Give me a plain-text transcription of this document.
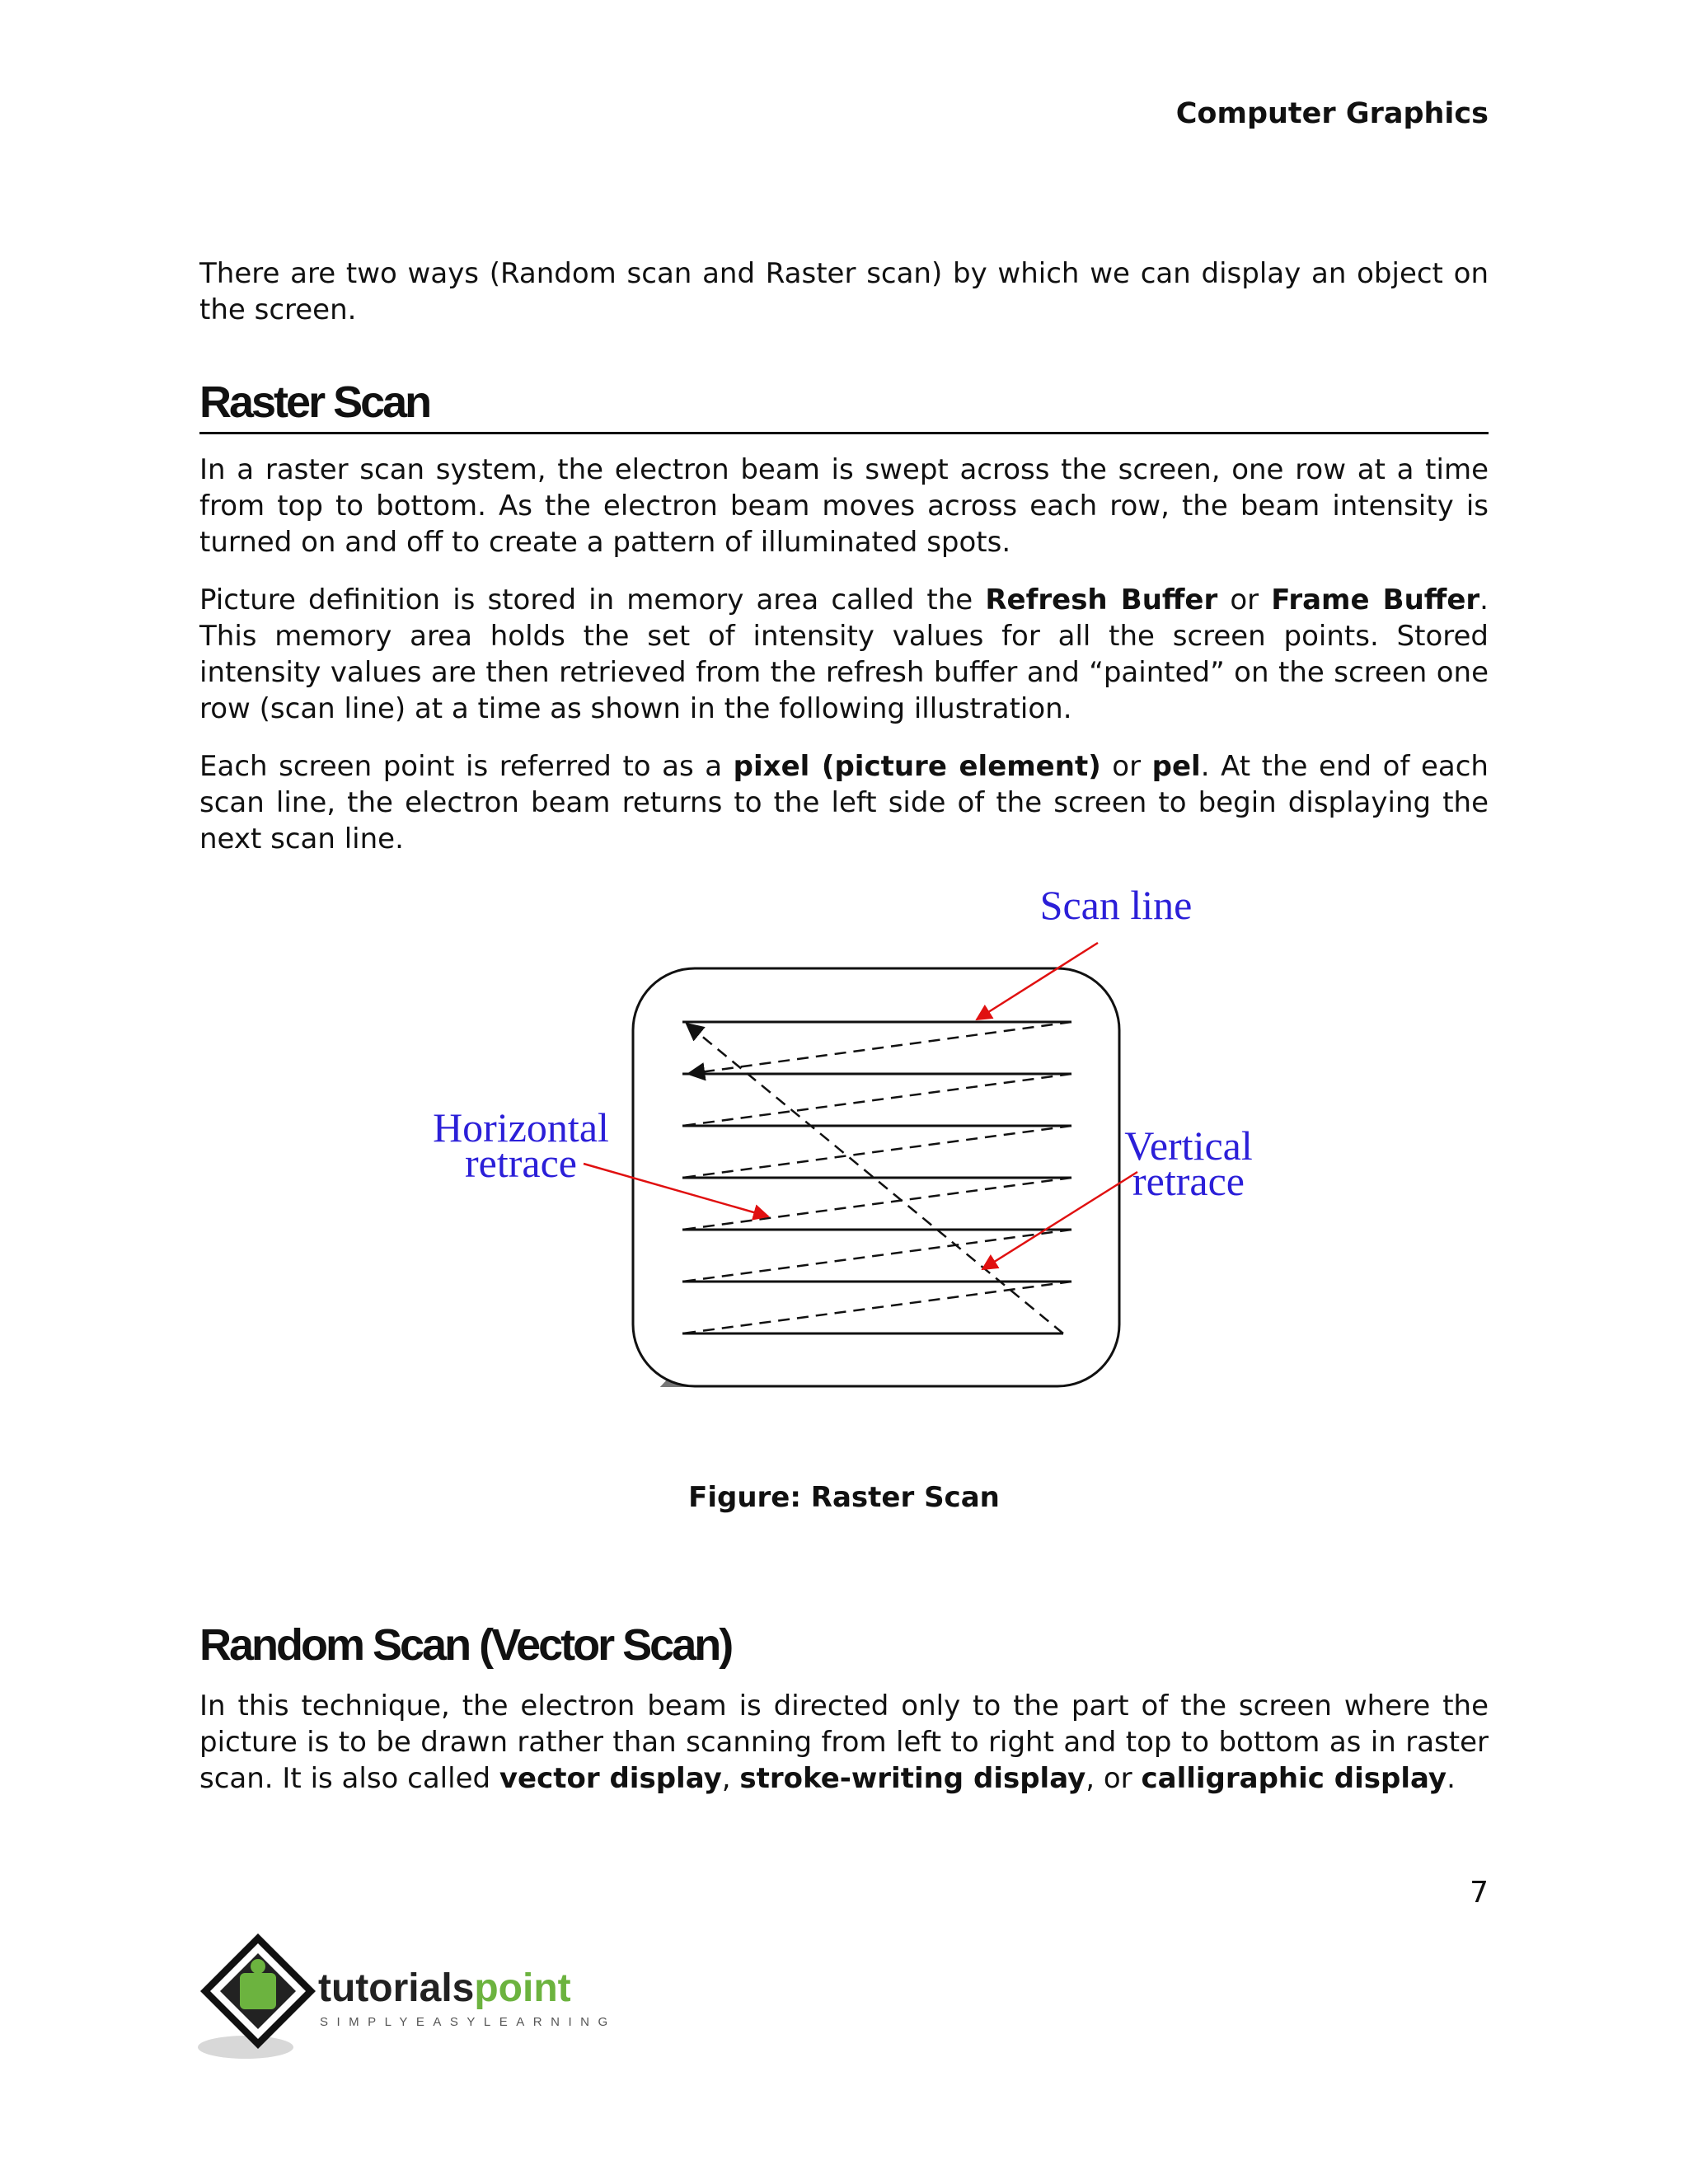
Computer Graphics

There are two ways (Random scan and Raster scan) by which we can display an object on the screen.

Raster Scan

In a raster scan system, the electron beam is swept across the screen, one row at a time from top to bottom. As the electron beam moves across each row, the beam intensity is turned on and off to create a pattern of illuminated spots.

Picture definition is stored in memory area called the Refresh Buffer or Frame Buffer. This memory area holds the set of intensity values for all the screen points. Stored intensity values are then retrieved from the refresh buffer and “painted” on the screen one row (scan line) at a time as shown in the following illustration.

Each screen point is referred to as a pixel (picture element) or pel. At the end of each scan line, the electron beam returns to the left side of the screen to begin displaying the next scan line.

Scan line
Horizontal
retrace	Vertical
retrace
Figure: Raster Scan
Random Scan (Vector Scan)

In this technique, the electron beam is directed only to the part of the screen where the picture is to be drawn rather than scanning from left to right and top to bottom as in raster scan. It is also called vector display, stroke-writing display, or calligraphic display.

7
tutorialspoint
SIMPLYEASYLEARNING
